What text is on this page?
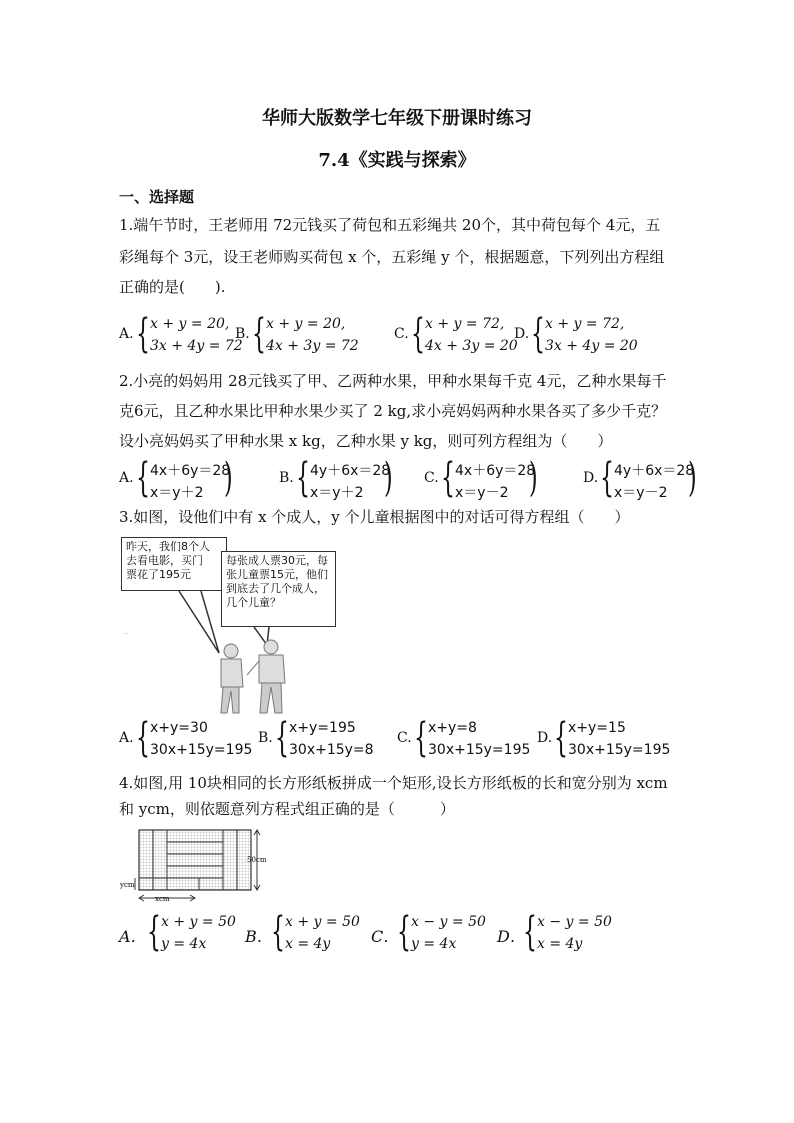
华师大版数学七年级下册课时练习
7.4《实践与探索》
一、选择题
1.端午节时，王老师用 72元钱买了荷包和五彩绳共 20个，其中荷包每个 4元，五
彩绳每个 3元，设王老师购买荷包 x 个，五彩绳 y 个，根据题意，下列列出方程组
正确的是(　　).
A. { x + y = 20,
3x + 4y = 72
B. { x + y = 20,
4x + 3y = 72
C. { x + y = 72,
4x + 3y = 20
D. { x + y = 72,
3x + 4y = 20
2.小亮的妈妈用 28元钱买了甲、乙两种水果，甲种水果每千克 4元，乙种水果每千
克6元，且乙种水果比甲种水果少买了 2 kg,求小亮妈妈两种水果各买了多少千克？
设小亮妈妈买了甲种水果 x kg，乙种水果 y kg，则可列方程组为（　　）
A. { 4x＋6y＝28
x＝y＋2 )	B. { 4y＋6x＝28
x＝y＋2 ) C. { 4x＋6y＝28
x＝y－2 )	D. { 4y＋6x＝28
x＝y－2 )
3.如图，设他们中有 x 个成人，y 个儿童根据图中的对话可得方程组（　　）
昨天，我们8个人
去看电影，买门
票花了195元
每张成人票30元，每
张儿童票15元，他们
到底去了几个成人，
几个儿童？
—
A. { x+y=30
30x+15y=195
B. { x+y=195
30x+15y=8
C. { x+y=8
30x+15y=195
D. { x+y=15
30x+15y=195
4.如图,用 10块相同的长方形纸板拼成一个矩形,设长方形纸板的长和宽分别为 xcm
和 ycm，则依题意列方程式组正确的是（　　　）
50cm
ycm
xcm
A． { x + y = 50
y = 4x B．
{ x + y = 50
x = 4y	C．
{ x − y = 50
y = 4x	D．
{ x − y = 50
x = 4y
